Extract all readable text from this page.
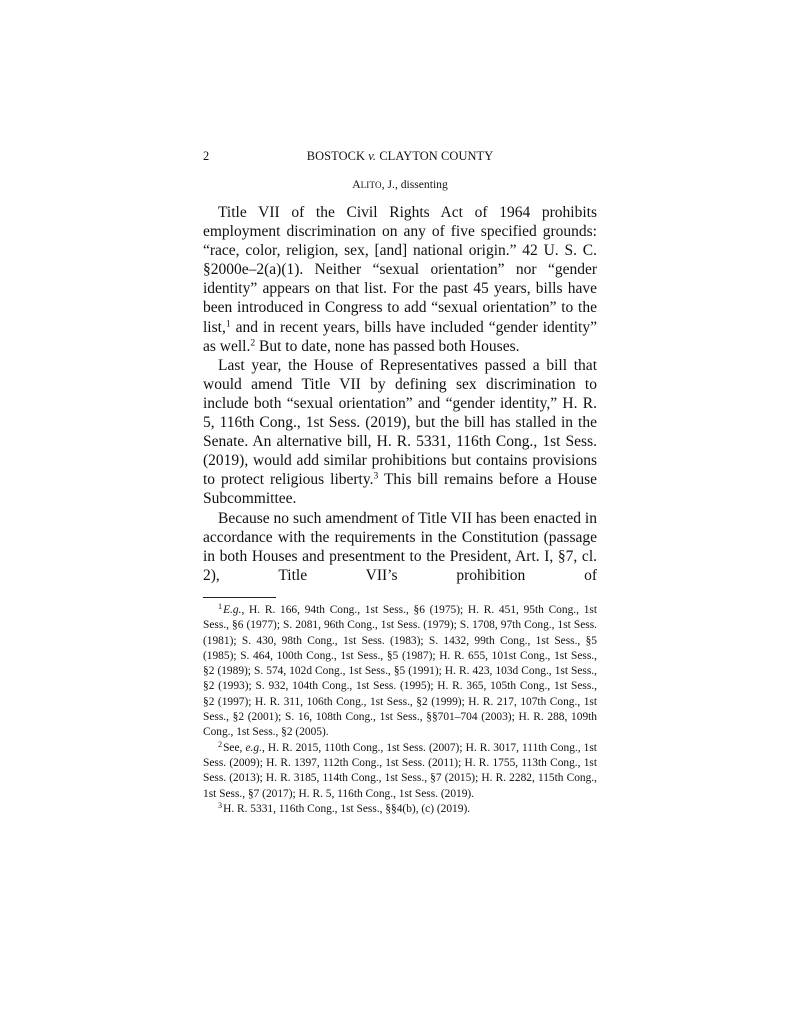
2	BOSTOCK v. CLAYTON COUNTY
ALITO, J., dissenting

Title VII of the Civil Rights Act of 1964 prohibits employment discrimination on any of five specified grounds: “race, color, religion, sex, [and] national origin.” 42 U. S. C. §2000e–2(a)(1). Neither “sexual orientation” nor “gender identity” appears on that list. For the past 45 years, bills have been introduced in Congress to add “sexual orientation” to the list,$^1$ and in recent years, bills have included “gender identity” as well.$^2$ But to date, none has passed both Houses.

Last year, the House of Representatives passed a bill that would amend Title VII by defining sex discrimination to include both “sexual orientation” and “gender identity,” H. R. 5, 116th Cong., 1st Sess. (2019), but the bill has stalled in the Senate. An alternative bill, H. R. 5331, 116th Cong., 1st Sess. (2019), would add similar prohibitions but contains provisions to protect religious liberty.$^3$ This bill remains before a House Subcommittee.

Because no such amendment of Title VII has been enacted in accordance with the requirements in the Constitution (passage in both Houses and presentment to the President, Art. I, §7, cl. 2), Title VII’s prohibition of

$^1$E.g., H. R. 166, 94th Cong., 1st Sess., §6 (1975); H. R. 451, 95th Cong., 1st Sess., §6 (1977); S. 2081, 96th Cong., 1st Sess. (1979); S. 1708, 97th Cong., 1st Sess. (1981); S. 430, 98th Cong., 1st Sess. (1983); S. 1432, 99th Cong., 1st Sess., §5 (1985); S. 464, 100th Cong., 1st Sess., §5 (1987); H. R. 655, 101st Cong., 1st Sess., §2 (1989); S. 574, 102d Cong., 1st Sess., §5 (1991); H. R. 423, 103d Cong., 1st Sess., §2 (1993); S. 932, 104th Cong., 1st Sess. (1995); H. R. 365, 105th Cong., 1st Sess., §2 (1997); H. R. 311, 106th Cong., 1st Sess., §2 (1999); H. R. 217, 107th Cong., 1st Sess., §2 (2001); S. 16, 108th Cong., 1st Sess., §§701–704 (2003); H. R. 288, 109th Cong., 1st Sess., §2 (2005).

$^2$See, e.g., H. R. 2015, 110th Cong., 1st Sess. (2007); H. R. 3017, 111th Cong., 1st Sess. (2009); H. R. 1397, 112th Cong., 1st Sess. (2011); H. R. 1755, 113th Cong., 1st Sess. (2013); H. R. 3185, 114th Cong., 1st Sess., §7 (2015); H. R. 2282, 115th Cong., 1st Sess., §7 (2017); H. R. 5, 116th Cong., 1st Sess. (2019).

$^3$H. R. 5331, 116th Cong., 1st Sess., §§4(b), (c) (2019).
